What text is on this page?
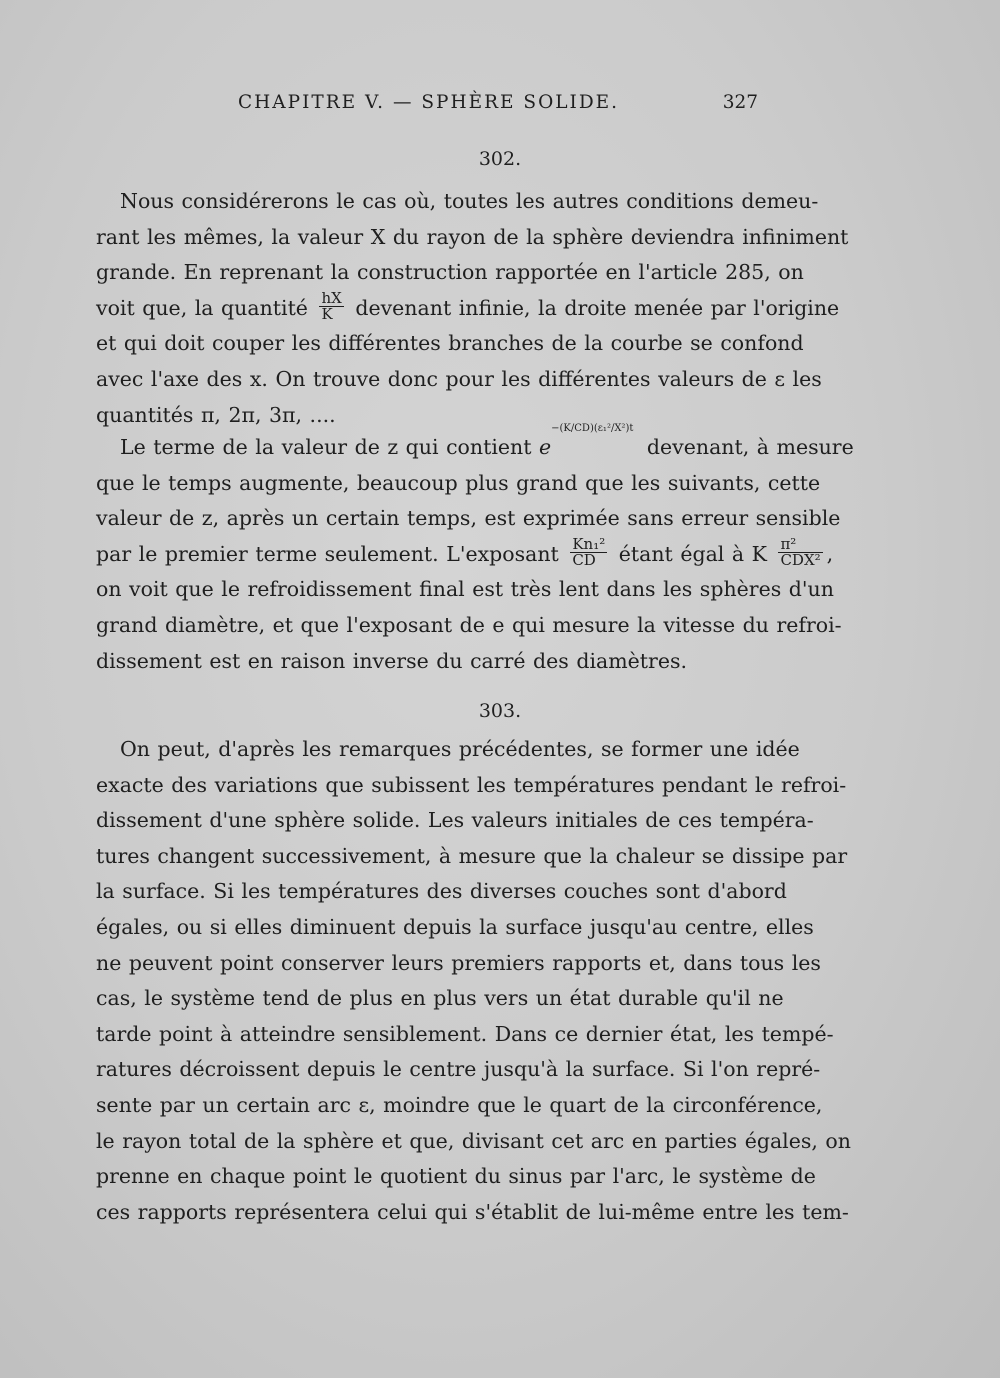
CHAPITRE V. — SPHÈRE SOLIDE.	327
302.
Nous considérerons le cas où, toutes les autres conditions demeu-
rant les mêmes, la valeur X du rayon de la sphère deviendra infiniment
grande. En reprenant la construction rapportée en l'article 285, on
voit que, la quantité $\frac{hX}{K}$ devenant infinie, la droite menée par l'origine
et qui doit couper les différentes branches de la courbe se confond
avec l'axe des x. On trouve donc pour les différentes valeurs de ε les
quantités π, 2π, 3π, ....
Le terme de la valeur de z qui contient e−(K/CD)(ε₁²/X²)t devenant, à mesure
que le temps augmente, beaucoup plus grand que les suivants, cette
valeur de z, après un certain temps, est exprimée sans erreur sensible
par le premier terme seulement. L'exposant $\frac{\text{Kn₁²}}{CD}$ étant égal à K $\frac{\text{π²}}{\text{CDX²}}$ ,
on voit que le refroidissement final est très lent dans les sphères d'un
grand diamètre, et que l'exposant de e qui mesure la vitesse du refroi-
dissement est en raison inverse du carré des diamètres.
303.
On peut, d'après les remarques précédentes, se former une idée
exacte des variations que subissent les températures pendant le refroi-
dissement d'une sphère solide. Les valeurs initiales de ces tempéra-
tures changent successivement, à mesure que la chaleur se dissipe par
la surface. Si les températures des diverses couches sont d'abord
égales, ou si elles diminuent depuis la surface jusqu'au centre, elles
ne peuvent point conserver leurs premiers rapports et, dans tous les
cas, le système tend de plus en plus vers un état durable qu'il ne
tarde point à atteindre sensiblement. Dans ce dernier état, les tempé-
ratures décroissent depuis le centre jusqu'à la surface. Si l'on repré-
sente par un certain arc ε, moindre que le quart de la circonférence,
le rayon total de la sphère et que, divisant cet arc en parties égales, on
prenne en chaque point le quotient du sinus par l'arc, le système de
ces rapports représentera celui qui s'établit de lui-même entre les tem-
